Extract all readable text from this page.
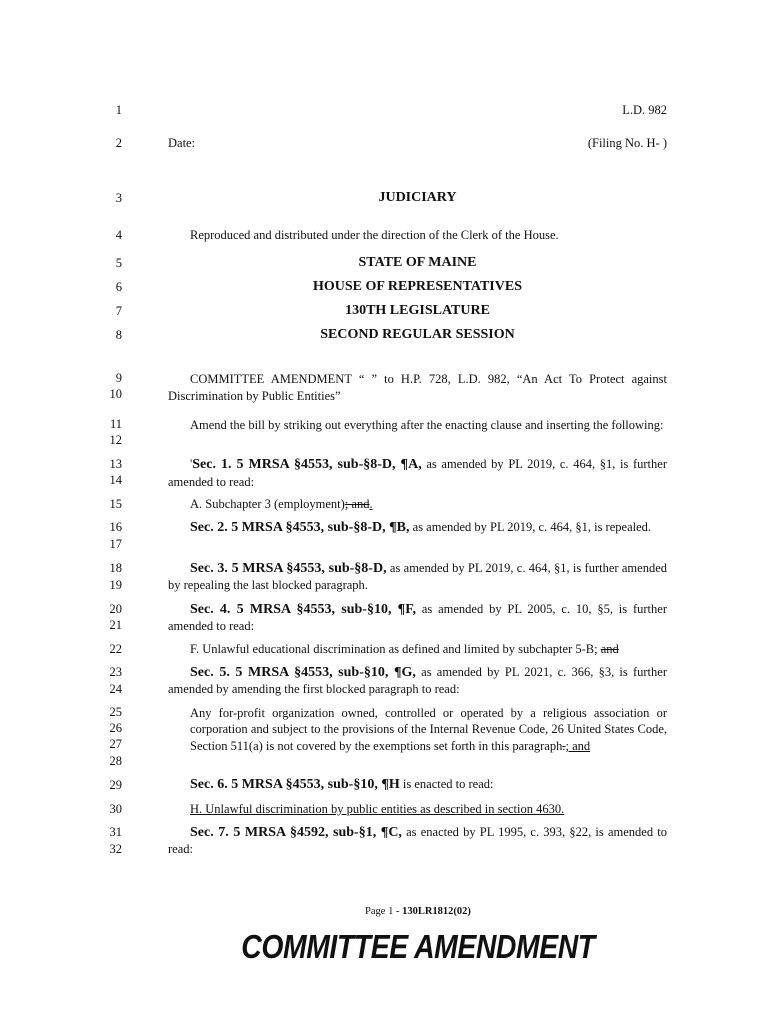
1
2
3
4
5
6
7
8
9
10
11
12
13
14
15
16
17
18
19
20
21
22
23
24
25
26
27
28
29
30
31
32
L.D. 982
Date:	(Filing No. H- )
JUDICIARY
Reproduced and distributed under the direction of the Clerk of the House.
STATE OF MAINE
HOUSE OF REPRESENTATIVES
130TH LEGISLATURE
SECOND REGULAR SESSION
COMMITTEE AMENDMENT “ ” to H.P. 728, L.D. 982, “An Act To Protect against Discrimination by Public Entities”
Amend the bill by striking out everything after the enacting clause and inserting the following:
'Sec. 1. 5 MRSA §4553, sub-§8-D, ¶A, as amended by PL 2019, c. 464, §1, is further amended to read:
A. Subchapter 3 (employment); and.
Sec. 2. 5 MRSA §4553, sub-§8-D, ¶B, as amended by PL 2019, c. 464, §1, is repealed.
Sec. 3. 5 MRSA §4553, sub-§8-D, as amended by PL 2019, c. 464, §1, is further amended by repealing the last blocked paragraph.
Sec. 4. 5 MRSA §4553, sub-§10, ¶F, as amended by PL 2005, c. 10, §5, is further amended to read:
F. Unlawful educational discrimination as defined and limited by subchapter 5-B; and
Sec. 5. 5 MRSA §4553, sub-§10, ¶G, as amended by PL 2021, c. 366, §3, is further amended by amending the first blocked paragraph to read:
Any for-profit organization owned, controlled or operated by a religious association or corporation and subject to the provisions of the Internal Revenue Code, 26 United States Code, Section 511(a) is not covered by the exemptions set forth in this paragraph.; and
Sec. 6. 5 MRSA §4553, sub-§10, ¶H is enacted to read:
H. Unlawful discrimination by public entities as described in section 4630.
Sec. 7. 5 MRSA §4592, sub-§1, ¶C, as enacted by PL 1995, c. 393, §22, is amended to read:
Page 1 - 130LR1812(02)
COMMITTEE AMENDMENT
